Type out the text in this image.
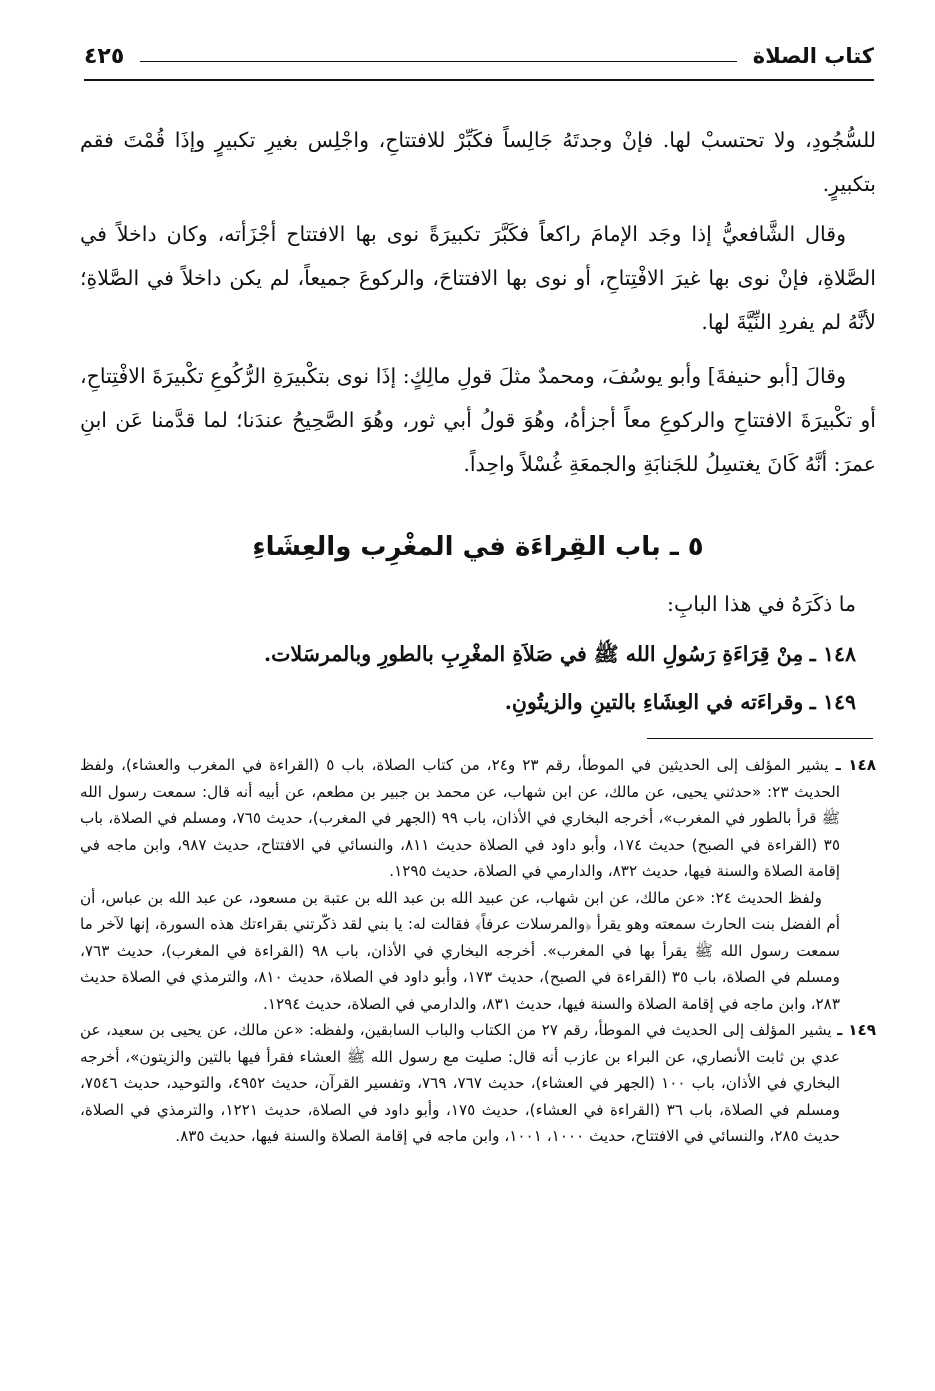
كتاب الصلاة
٤٢٥

للسُّجُودِ، ولا تحتسبْ لها. فإنْ وجدتَهُ جَالِساً فكَبِّرْ للافتتاحِ، واجْلِس بغيرِ تكبيرٍ وإذَا قُمْتَ فقم بتكبيرٍ.

وقال الشَّافعيُّ إذا وجَد الإمامَ راكعاً فكَبَّرَ تكبيرَةً نوى بها الافتتاح أجْزَأته، وكان داخلاً في الصَّلاةِ، فإنْ نوى بها غيرَ الافْتِتاحِ، أو نوى بها الافتتاحَ، والركوعَ جميعاً، لم يكن داخلاً في الصَّلاةِ؛ لأنَّهُ لم يفردِ النِّيَّةَ لها.

وقالَ [أبو حنيفةَ] وأبو يوسُفَ، ومحمدٌ مثلَ قولِ مالِكٍ: إذَا نوى بتكْبيرَةِ الرُّكُوعِ تكْبيرَةَ الافْتِتاحِ، أو تكْبيرَةَ الافتتاحِ والركوعِ معاً أجزأهُ، وهُوَ قولُ أبي ثور، وهُوَ الصَّحِيحُ عندَنا؛ لما قدَّمنا عَن ابنِ عمرَ: أنَّهُ كَانَ يغتسِلُ للجَنابَةِ والجمعَةِ غُسْلاً واحِداً.

٥ ـ باب القِراءَة في المغْرِب والعِشَاءِ

ما ذكَرَهُ في هذا البابِ:

١٤٨ ـ مِنْ قِرَاءَةِ رَسُولِ الله ﷺ في صَلاَةِ المغْرِبِ بالطورِ وبالمرسَلات.

١٤٩ ـ وقراءَته في العِشَاءِ بالتينِ والزيتُونِ.

١٤٨ ـ يشير المؤلف إلى الحديثين في الموطأ، رقم ٢٣ و٢٤، من كتاب الصلاة، باب ٥ (القراءة في المغرب والعشاء)، ولفظ الحديث ٢٣: «حدثني يحيى، عن مالك، عن ابن شهاب، عن محمد بن جبير بن مطعم، عن أبيه أنه قال: سمعت رسول الله ﷺ قرأ بالطور في المغرب»، أخرجه البخاري في الأذان، باب ٩٩ (الجهر في المغرب)، حديث ٧٦٥، ومسلم في الصلاة، باب ٣٥ (القراءة في الصبح) حديث ١٧٤، وأبو داود في الصلاة حديث ٨١١، والنسائي في الافتتاح، حديث ٩٨٧، وابن ماجه في إقامة الصلاة والسنة فيها، حديث ٨٣٢، والدارمي في الصلاة، حديث ١٢٩٥.

ولفظ الحديث ٢٤: «عن مالك، عن ابن شهاب، عن عبيد الله بن عبد الله بن عتبة بن مسعود، عن عبد الله بن عباس، أن أم الفضل بنت الحارث سمعته وهو يقرأ ﴿والمرسلات عرفاً﴾ فقالت له: يا بني لقد ذكّرتني بقراءتك هذه السورة، إنها لآخر ما سمعت رسول الله ﷺ يقرأ بها في المغرب». أخرجه البخاري في الأذان، باب ٩٨ (القراءة في المغرب)، حديث ٧٦٣، ومسلم في الصلاة، باب ٣٥ (القراءة في الصبح)، حديث ١٧٣، وأبو داود في الصلاة، حديث ٨١٠، والترمذي في الصلاة حديث ٢٨٣، وابن ماجه في إقامة الصلاة والسنة فيها، حديث ٨٣١، والدارمي في الصلاة، حديث ١٢٩٤.

١٤٩ ـ يشير المؤلف إلى الحديث في الموطأ، رقم ٢٧ من الكتاب والباب السابقين، ولفظه: «عن مالك، عن يحيى بن سعيد، عن عدي بن ثابت الأنصاري، عن البراء بن عازب أنه قال: صليت مع رسول الله ﷺ العشاء فقرأ فيها بالتين والزيتون»، أخرجه البخاري في الأذان، باب ١٠٠ (الجهر في العشاء)، حديث ٧٦٧، ٧٦٩، وتفسير القرآن، حديث ٤٩٥٢، والتوحيد، حديث ٧٥٤٦، ومسلم في الصلاة، باب ٣٦ (القراءة في العشاء)، حديث ١٧٥، وأبو داود في الصلاة، حديث ١٢٢١، والترمذي في الصلاة، حديث ٢٨٥، والنسائي في الافتتاح، حديث ١٠٠٠، ١٠٠١، وابن ماجه في إقامة الصلاة والسنة فيها، حديث ٨٣٥.
